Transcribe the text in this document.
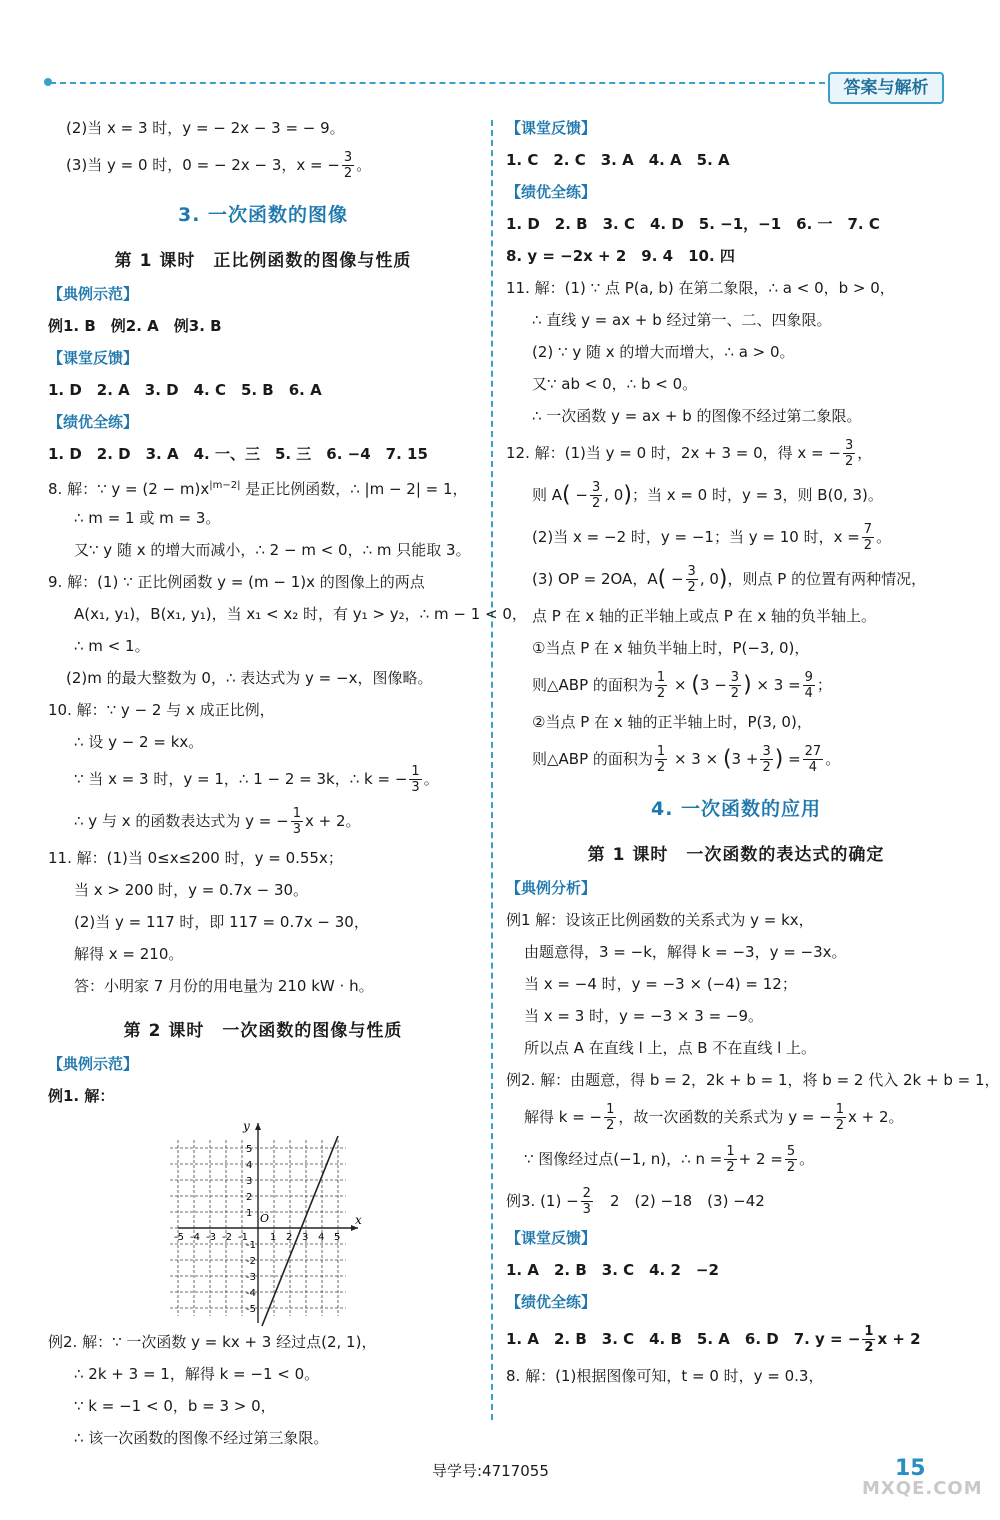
答案与解析
(2)当 x = 3 时，y = − 2x − 3 = − 9。
(3)当 y = 0 时，0 = − 2x − 3，x = − $\frac{3}{2}$ 。
3. 一次函数的图像
第 1 课时　正比例函数的图像与性质
【典例示范】
例1. B　例2. A　例3. B
【课堂反馈】
1. D　2. A　3. D　4. C　5. B　6. A
【绩优全练】
1. D　2. D　3. A　4. 一、三　5. 三　6. −4　7. 15
8. 解：∵ $y = (2 - m)x^{|m-2|}$ 是正比例函数，∴ |m − 2| = 1，
∴ m = 1 或 m = 3。
又∵ y 随 x 的增大而减小，∴ 2 − m < 0，∴ m 只能取 3。
9. 解：(1) ∵ 正比例函数 y = (m − 1)x 的图像上的两点
A(x₁, y₁)，B(x₁, y₁)，当 x₁ < x₂ 时，有 y₁ > y₂，∴ m − 1 < 0，
∴ m < 1。
(2)m 的最大整数为 0，∴ 表达式为 y = −x，图像略。
10. 解：∵ y − 2 与 x 成正比例，
∴ 设 y − 2 = kx。
∵ 当 x = 3 时，y = 1，∴ 1 − 2 = 3k，∴ k = − $\frac{1}{3}$ 。
∴ y 与 x 的函数表达式为 y = − $\frac{1}{3}$ x + 2。
11. 解：(1)当 0≤x≤200 时，y = 0.55x；
当 x > 200 时，y = 0.7x − 30。
(2)当 y = 117 时，即 117 = 0.7x − 30，
解得 x = 210。
答：小明家 7 月份的用电量为 210 kW · h。
第 2 课时　一次函数的图像与性质
【典例示范】
例1. 解：
x
y
O
-5
-5
-4
-4
-3
-3
-2
-2
-1
-1
1
1
2
2
3
3
4
4
5
5
例2. 解：∵ 一次函数 y = kx + 3 经过点(2, 1)，
∴ 2k + 3 = 1，解得 k = −1 < 0。
∵ k = −1 < 0，b = 3 > 0，
∴ 该一次函数的图像不经过第三象限。
【课堂反馈】
1. C　2. C　3. A　4. A　5. A
【绩优全练】
1. D　2. B　3. C　4. D　5. −1，−1　6. 一　7. C
8. y = −2x + 2　9. 4　10. 四
11. 解：(1) ∵ 点 P(a, b) 在第二象限，∴ a < 0，b > 0，
∴ 直线 y = ax + b 经过第一、二、四象限。
(2) ∵ y 随 x 的增大而增大，∴ a > 0。
又∵ ab < 0，∴ b < 0。
∴ 一次函数 y = ax + b 的图像不经过第二象限。
12. 解：(1)当 y = 0 时，2x + 3 = 0，得 x = − $\frac{3}{2}$ ，
则 $A( - \frac{3}{2}$ , 0)；当 x = 0 时，y = 3，则 B(0, 3)。
(2)当 x = −2 时，y = −1；当 y = 10 时，$x = \frac{7}{2}$ 。
(3) OP = 2OA，$A( - \frac{3}{2}$ , 0)，则点 P 的位置有两种情况，
点 P 在 x 轴的正半轴上或点 P 在 x 轴的负半轴上。
①当点 P 在 x 轴负半轴上时，P(−3, 0)，
则△ABP 的面积为 $\frac{1}{2} \times (3 - \frac{3}{2}$ ) × $3 = \frac{9}{4}$ ；
②当点 P 在 x 轴的正半轴上时，P(3, 0)，
则△ABP 的面积为 $\frac{1}{2} \times 3 \times (3 + \frac{3}{2}$ ) = $\frac{27}{4}$ 。
4. 一次函数的应用
第 1 课时　一次函数的表达式的确定
【典例分析】
例1 解：设该正比例函数的关系式为 y = kx，
由题意得，3 = −k，解得 k = −3，y = −3x。
当 x = −4 时，y = −3 × (−4) = 12；
当 x = 3 时，y = −3 × 3 = −9。
所以点 A 在直线 l 上，点 B 不在直线 l 上。
例2. 解：由题意，得 b = 2，2k + b = 1，将 b = 2 代入 2k + b = 1，
解得 k = − $\frac{1}{2}$ ，故一次函数的关系式为 y = − $\frac{1}{2}$ x + 2。
∵ 图像经过点(−1, n)，∴ $n = \frac{1}{2} + 2 = \frac{5}{2}$ 。
例3. $(1) - \frac{2}{3}$ 　2　(2) −18　(3) −42
【课堂反馈】
1. A　2. B　3. C　4. 2　−2
【绩优全练】
1. A　2. B　3. C　4. B　5. A　6. D　7. y = − $\frac{1}{2}$ x + 2
8. 解：(1)根据图像可知，t = 0 时，y = 0.3，
导学号:4717055	15
MXQE.COM
